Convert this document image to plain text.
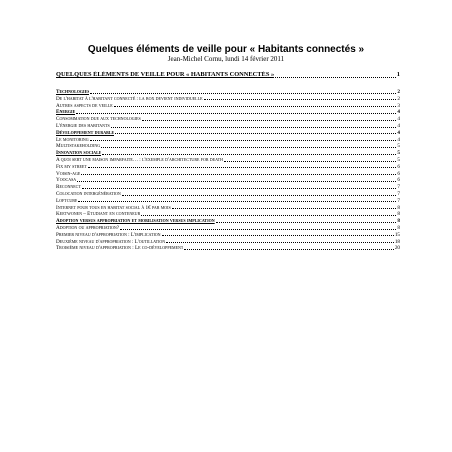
Quelques éléments de veille pour « Habitants connectés »
Jean-Michel Cornu, lundi 14 février 2011
QUELQUES ÉLÉMENTS DE VEILLE POUR « HABITANTS CONNECTÉS »	1
Technologies	2
De l'habitat à l'habitant connecté : la box devient individuelle	2
Autres aspects de veille	3
Énergie	4
Consommation due aux technologies	4
L'énergie des habitants	4
Développement durable	4
Le monitoring	4
Multistakeholding	5
Innovation sociale	5
A quoi sert une maison imparfaite… : l'exemple d'architecture for death	5
Fix my street	6
Voisin-age	6
Yoocasa	6
Reconnect	7
Colocation intergénération	7
Loftcube	7
Internet pour tous en habitat social à 1€ par mois	8
Keetwonen – Étudiant en conteneur	8
Adoption versus appropriation et mobilisation versus implication	8
Adoption ou appropriation?	8
Premier niveau d'appropriation : L'implication	15
Deuxième niveau d'appropriation : L'outillation	18
Troisième niveau d'appropriation : Le co-développement	20
